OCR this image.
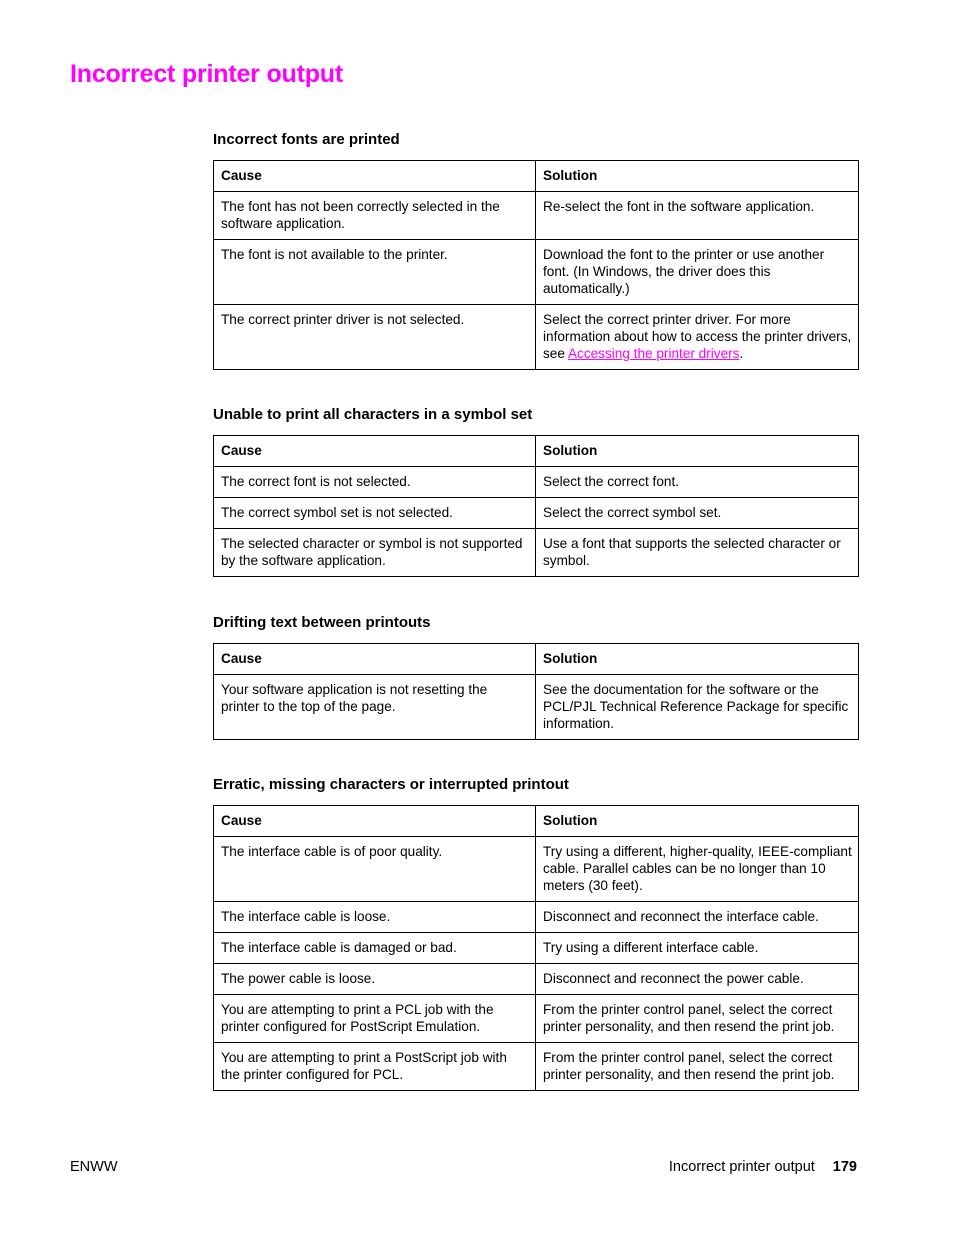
Incorrect printer output
Incorrect fonts are printed
Cause	Solution
The font has not been correctly selected in the software application.	Re-select the font in the software application.
The font is not available to the printer.	Download the font to the printer or use another font. (In Windows, the driver does this automatically.)
The correct printer driver is not selected.	Select the correct printer driver. For more information about how to access the printer drivers, see Accessing the printer drivers.
Unable to print all characters in a symbol set
Cause	Solution
The correct font is not selected.	Select the correct font.
The correct symbol set is not selected.	Select the correct symbol set.
The selected character or symbol is not supported by the software application.	Use a font that supports the selected character or symbol.
Drifting text between printouts
Cause	Solution
Your software application is not resetting the printer to the top of the page.	See the documentation for the software or the PCL/PJL Technical Reference Package for specific information.
Erratic, missing characters or interrupted printout
Cause	Solution
The interface cable is of poor quality.	Try using a different, higher-quality, IEEE-compliant cable. Parallel cables can be no longer than 10 meters (30 feet).
The interface cable is loose.	Disconnect and reconnect the interface cable.
The interface cable is damaged or bad.	Try using a different interface cable.
The power cable is loose.	Disconnect and reconnect the power cable.
You are attempting to print a PCL job with the printer configured for PostScript Emulation.	From the printer control panel, select the correct printer personality, and then resend the print job.
You are attempting to print a PostScript job with the printer configured for PCL.	From the printer control panel, select the correct printer personality, and then resend the print job.
ENWW	Incorrect printer output 179
